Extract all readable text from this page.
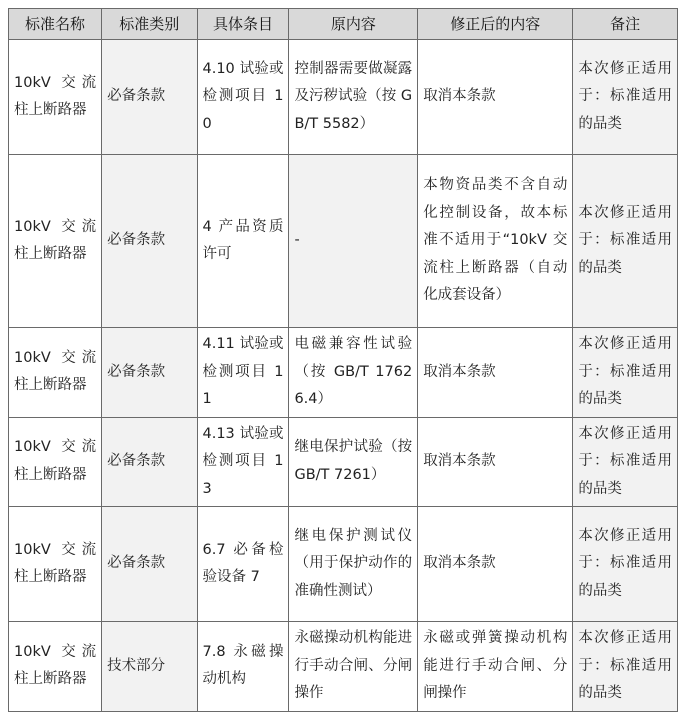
标准名称	标准类别	具体条目	原内容	修正后的内容	备注
10kV 交流柱上断路器	必备条款	4.10 试验或检测项目 10	控制器需要做凝露及污秽试验（按 GB/T 5582）	取消本条款	本次修正适用于：标准适用的品类
10kV 交流柱上断路器	必备条款	4 产品资质许可	-	本物资品类不含自动化控制设备，故本标准不适用于“10kV 交流柱上断路器（自动化成套设备）	本次修正适用于：标准适用的品类
10kV 交流柱上断路器	必备条款	4.11 试验或检测项目 11	电磁兼容性试验（按 GB/T 17626.4）	取消本条款	本次修正适用于：标准适用的品类
10kV 交流柱上断路器	必备条款	4.13 试验或检测项目 13	继电保护试验（按 GB/T 7261）	取消本条款	本次修正适用于：标准适用的品类
10kV 交流柱上断路器	必备条款	6.7 必备检验设备 7	继电保护测试仪（用于保护动作的准确性测试）	取消本条款	本次修正适用于：标准适用的品类
10kV 交流柱上断路器	技术部分	7.8 永磁操动机构	永磁操动机构能进行手动合闸、分闸操作	永磁或弹簧操动机构能进行手动合闸、分闸操作	本次修正适用于：标准适用的品类
